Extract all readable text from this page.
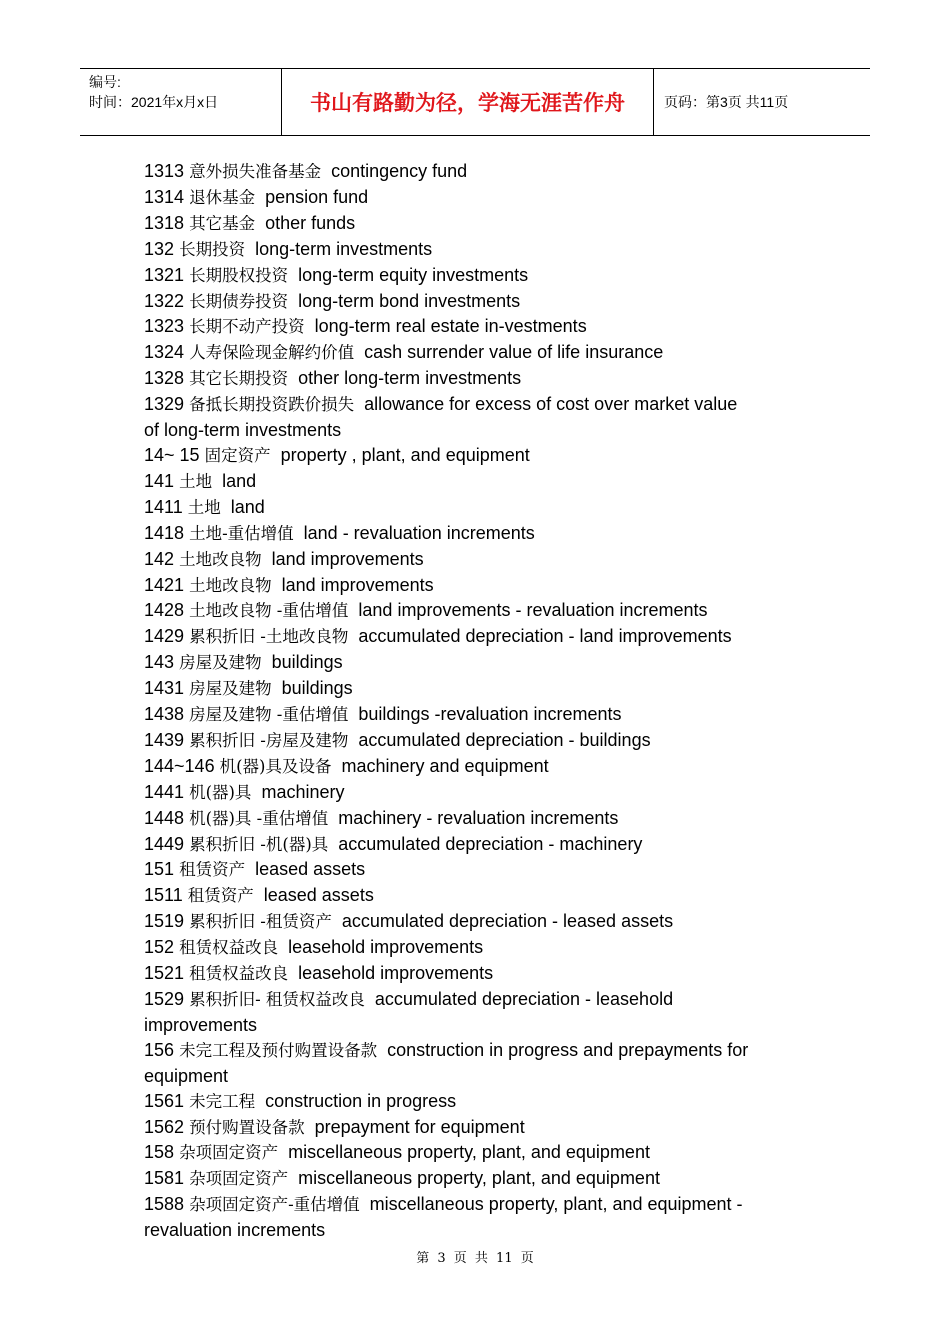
编号:
时间：2021年x月x日	书山有路勤为径，学海无涯苦作舟	页码：第3页 共11页
1313 意外损失准备基金 contingency fund
1314 退休基金 pension fund
1318 其它基金 other funds
132 长期投资 long-term investments
1321 长期股权投资 long-term equity investments
1322 长期债券投资 long-term bond investments
1323 长期不动产投资 long-term real estate in-vestments
1324 人寿保险现金解约价值 cash surrender value of life insurance
1328 其它长期投资 other long-term investments
1329 备抵长期投资跌价损失 allowance for excess of cost over market value
of long-term investments
14~ 15 固定资产 property , plant, and equipment
141 土地 land
1411 土地 land
1418 土地-重估增值 land - revaluation increments
142 土地改良物 land improvements
1421 土地改良物 land improvements
1428 土地改良物 -重估增值 land improvements - revaluation increments
1429 累积折旧 -土地改良物 accumulated depreciation - land improvements
143 房屋及建物 buildings
1431 房屋及建物 buildings
1438 房屋及建物 -重估增值 buildings -revaluation increments
1439 累积折旧 -房屋及建物 accumulated depreciation - buildings
144~146 机(器)具及设备 machinery and equipment
1441 机(器)具 machinery
1448 机(器)具 -重估增值 machinery - revaluation increments
1449 累积折旧 -机(器)具 accumulated depreciation - machinery
151 租赁资产 leased assets
1511 租赁资产 leased assets
1519 累积折旧 -租赁资产 accumulated depreciation - leased assets
152 租赁权益改良 leasehold improvements
1521 租赁权益改良 leasehold improvements
1529 累积折旧- 租赁权益改良 accumulated depreciation - leasehold
improvements
156 未完工程及预付购置设备款 construction in progress and prepayments for
equipment
1561 未完工程 construction in progress
1562 预付购置设备款 prepayment for equipment
158 杂项固定资产 miscellaneous property, plant, and equipment
1581 杂项固定资产 miscellaneous property, plant, and equipment
1588 杂项固定资产-重估增值 miscellaneous property, plant, and equipment -
revaluation increments
第 3 页 共 11 页
